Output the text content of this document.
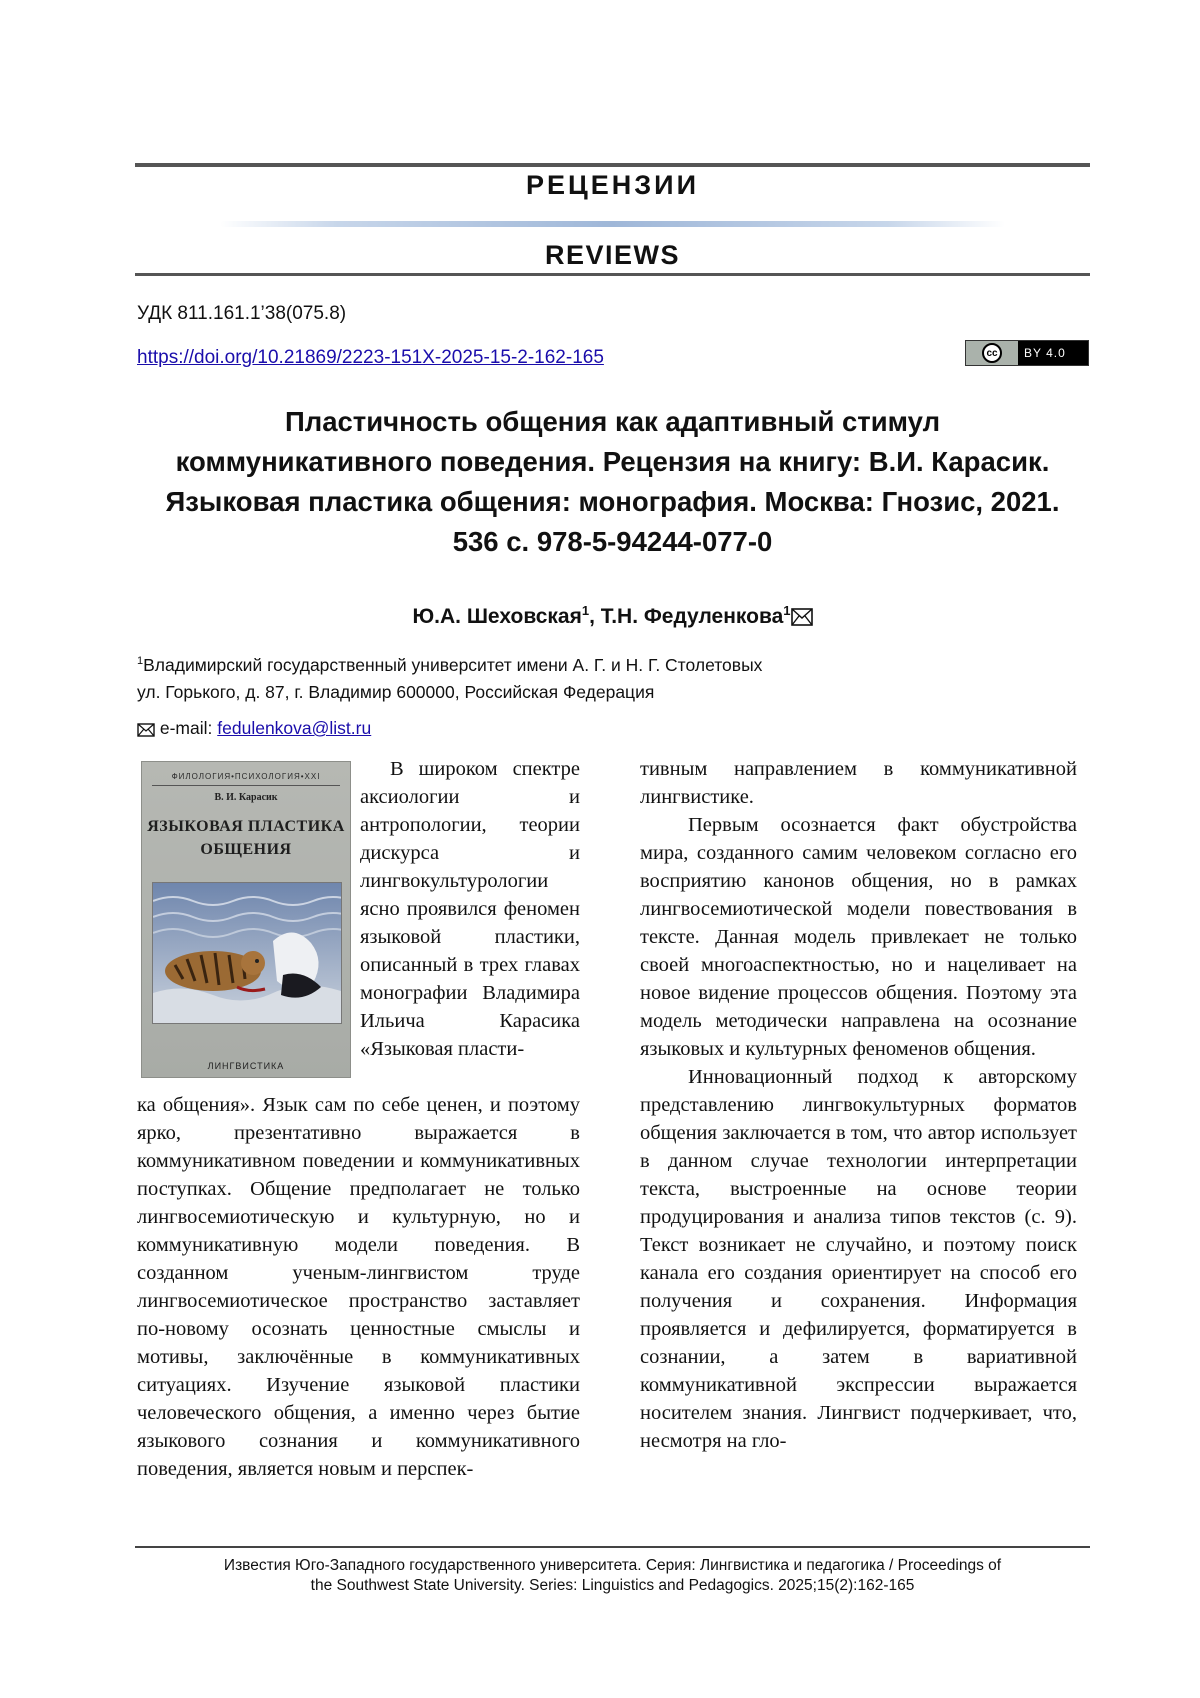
РЕЦЕНЗИИ
REVIEWS
УДК 811.161.1’38(075.8)
https://doi.org/10.21869/2223-151X-2025-15-2-162-165	cc	BY 4.0
Пластичность общения как адаптивный стимул
коммуникативного поведения. Рецензия на книгу: В.И. Карасик.
Языковая пластика общения: монография. Москва: Гнозис, 2021.
536 с. 978-5-94244-077-0
Ю.А. Шеховская$^1$, Т.Н. Федуленкова$^1$
$^1$Владимирский государственный университет имени А. Г. и Н. Г. Столетовых
ул. Горького, д. 87, г. Владимир 600000, Российская Федерация
e-mail: fedulenkova@list.ru
ФИЛОЛОГИЯ•ПСИХОЛОГИЯ•XXI
В. И. Карасик
ЯЗЫКОВАЯ ПЛАСТИКА
ОБЩЕНИЯ
ЛИНГВИСТИКА

В широком спектре аксиологии и антропологии, теории дискурса и лингвокультурологии ясно проявился феномен языковой пластики, описанный в трех главах монографии Владимира Ильича Карасика «Языковая пласти-

ка общения». Язык сам по себе ценен, и поэтому ярко, презентативно выражается в коммуникативном поведении и коммуникативных поступках. Общение предполагает не только лингвосемиотическую и культурную, но и коммуникативную модели поведения. В созданном ученым-лингвистом труде лингвосемиотическое пространство заставляет по-новому осознать ценностные смыслы и мотивы, заключённые в коммуникативных ситуациях. Изучение языковой пластики человеческого общения, а именно через бытие языкового сознания и коммуникативного поведения, является новым и перспек-

тивным направлением в коммуникативной лингвистике.

Первым осознается факт обустройства мира, созданного самим человеком согласно его восприятию канонов общения, но в рамках лингвосемиотической модели повествования в тексте. Данная модель привлекает не только своей многоаспектностью, но и нацеливает на новое видение процессов общения. Поэтому эта модель методически направлена на осознание языковых и культурных феноменов общения.

Инновационный подход к авторскому представлению лингвокультурных форматов общения заключается в том, что автор использует в данном случае технологии интерпретации текста, выстроенные на основе теории продуцирования и анализа типов текстов (с. 9). Текст возникает не случайно, и поэтому поиск канала его создания ориентирует на способ его получения и сохранения. Информация проявляется и дефилируется, форматируется в сознании, а затем в вариативной коммуникативной экспрессии выражается носителем знания. Лингвист подчеркивает, что, несмотря на гло-

Известия Юго-Западного государственного университета. Серия: Лингвистика и педагогика / Proceedings of
the Southwest State University. Series: Linguistics and Pedagogics. 2025;15(2):162-165
